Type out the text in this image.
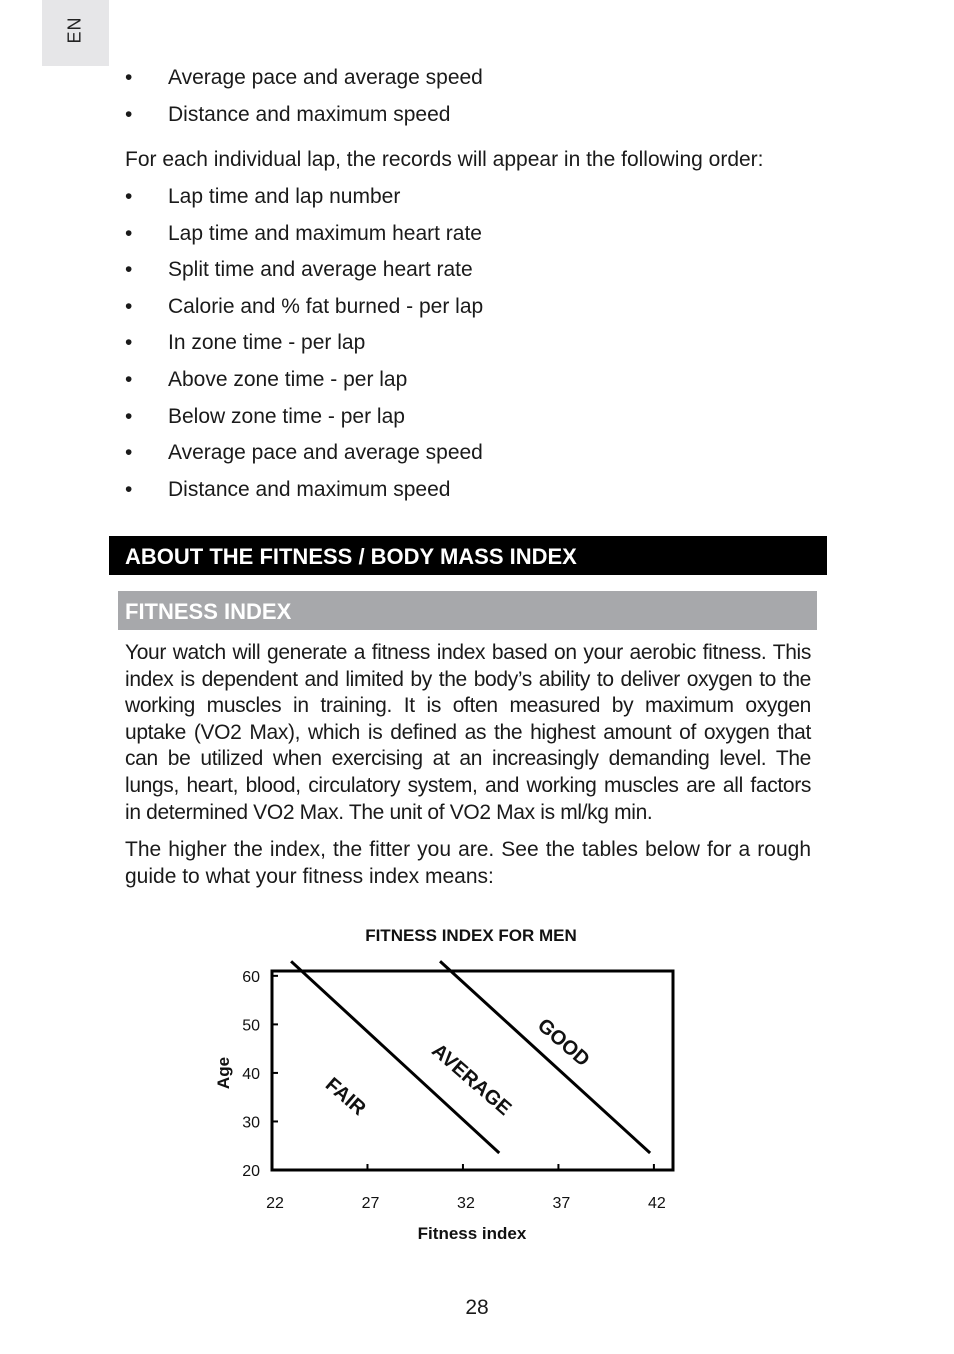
EN
• Average pace and average speed
• Distance and maximum speed

For each individual lap, the records will appear in the following order:

• Lap time and lap number
• Lap time and maximum heart rate
• Split time and average heart rate
• Calorie and % fat burned - per lap
• In zone time - per lap
• Above zone time - per lap
• Below zone time - per lap
• Average pace and average speed
• Distance and maximum speed
ABOUT THE FITNESS / BODY MASS INDEX
FITNESS INDEX

Your watch will generate a fitness index based on your aerobic fitness. This index is dependent and limited by the body’s ability to deliver oxygen to the working muscles in training. It is often measured by maximum oxygen uptake (VO2 Max), which is defined as the highest amount of oxygen that can be utilized when exercising at an increasingly demanding level. The lungs, heart, blood, circulatory system, and working muscles are all factors in determined VO2 Max. The unit of VO2 Max is ml/kg min.

The higher the index, the fitter you are. See the tables below for a rough guide to what your fitness index means:

FITNESS INDEX FOR MEN
20
30
40
50
60
22	27	32	37	42
Fitness index
Age
FAIR	AVERAGE GOOD
28
